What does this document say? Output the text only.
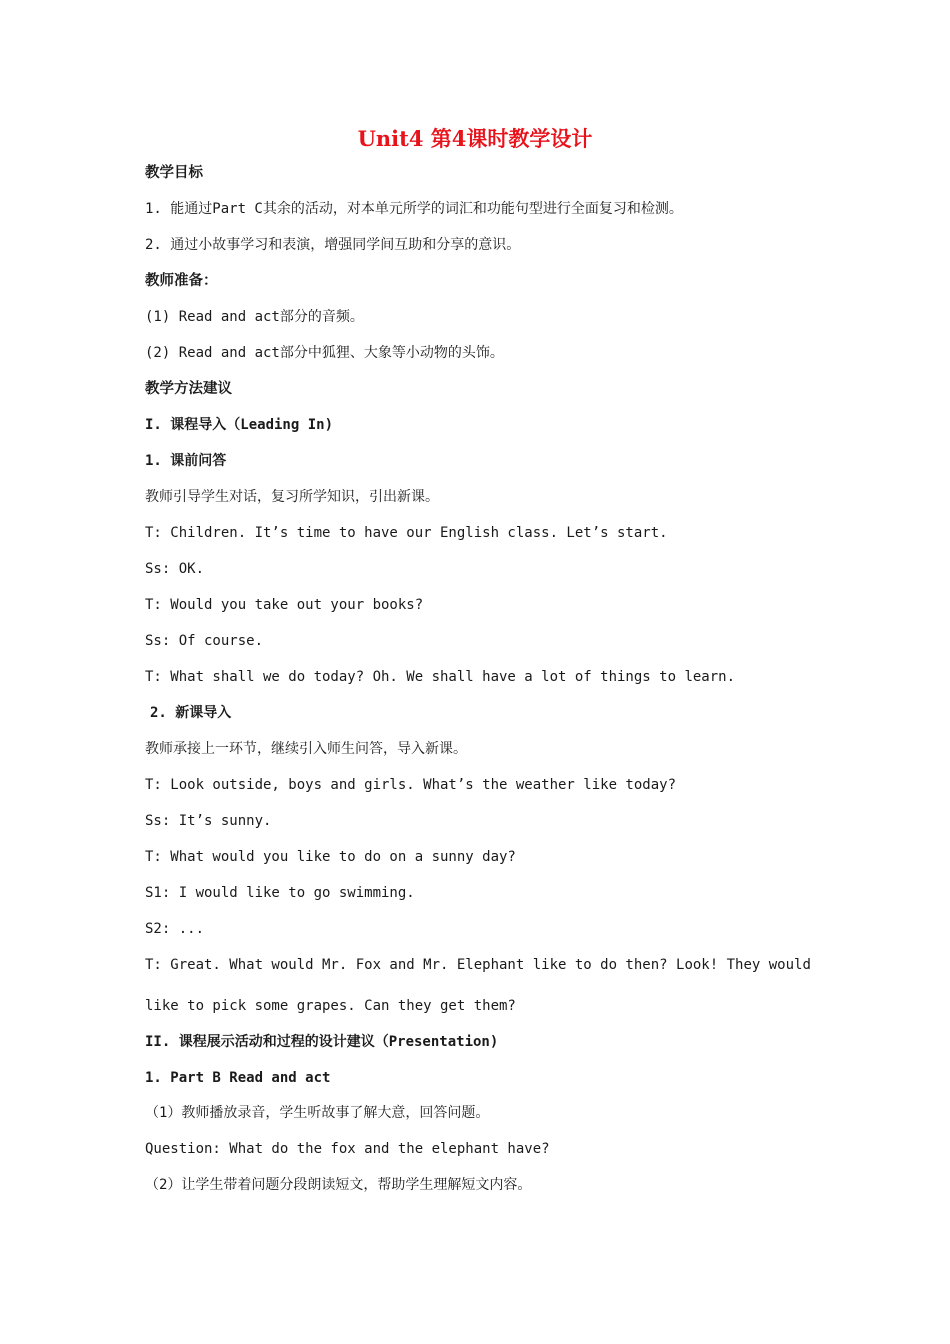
Unit4 第4课时教学设计
教学目标
1. 能通过Part C其余的活动，对本单元所学的词汇和功能句型进行全面复习和检测。
2. 通过小故事学习和表演，增强同学间互助和分享的意识。
教师准备：
(1) Read and act部分的音频。
(2) Read and act部分中狐狸、大象等小动物的头饰。
教学方法建议
I. 课程导入（Leading In)
1. 课前问答
教师引导学生对话，复习所学知识，引出新课。
T: Children. It’s time to have our English class. Let’s start.
Ss: OK.
T: Would you take out your books?
Ss: Of course.
T: What shall we do today? Oh. We shall have a lot of things to learn.
2. 新课导入
教师承接上一环节，继续引入师生问答，导入新课。
T: Look outside, boys and girls. What’s the weather like today?
Ss: It’s sunny.
T: What would you like to do on a sunny day?
S1: I would like to go swimming.
S2: ...
T: Great. What would Mr. Fox and Mr. Elephant like to do then? Look! They would
like to pick some grapes. Can they get them?
II. 课程展示活动和过程的设计建议（Presentation)
1. Part B Read and act
（1）教师播放录音，学生听故事了解大意，回答问题。
Question: What do the fox and the elephant have?
（2）让学生带着问题分段朗读短文，帮助学生理解短文内容。
